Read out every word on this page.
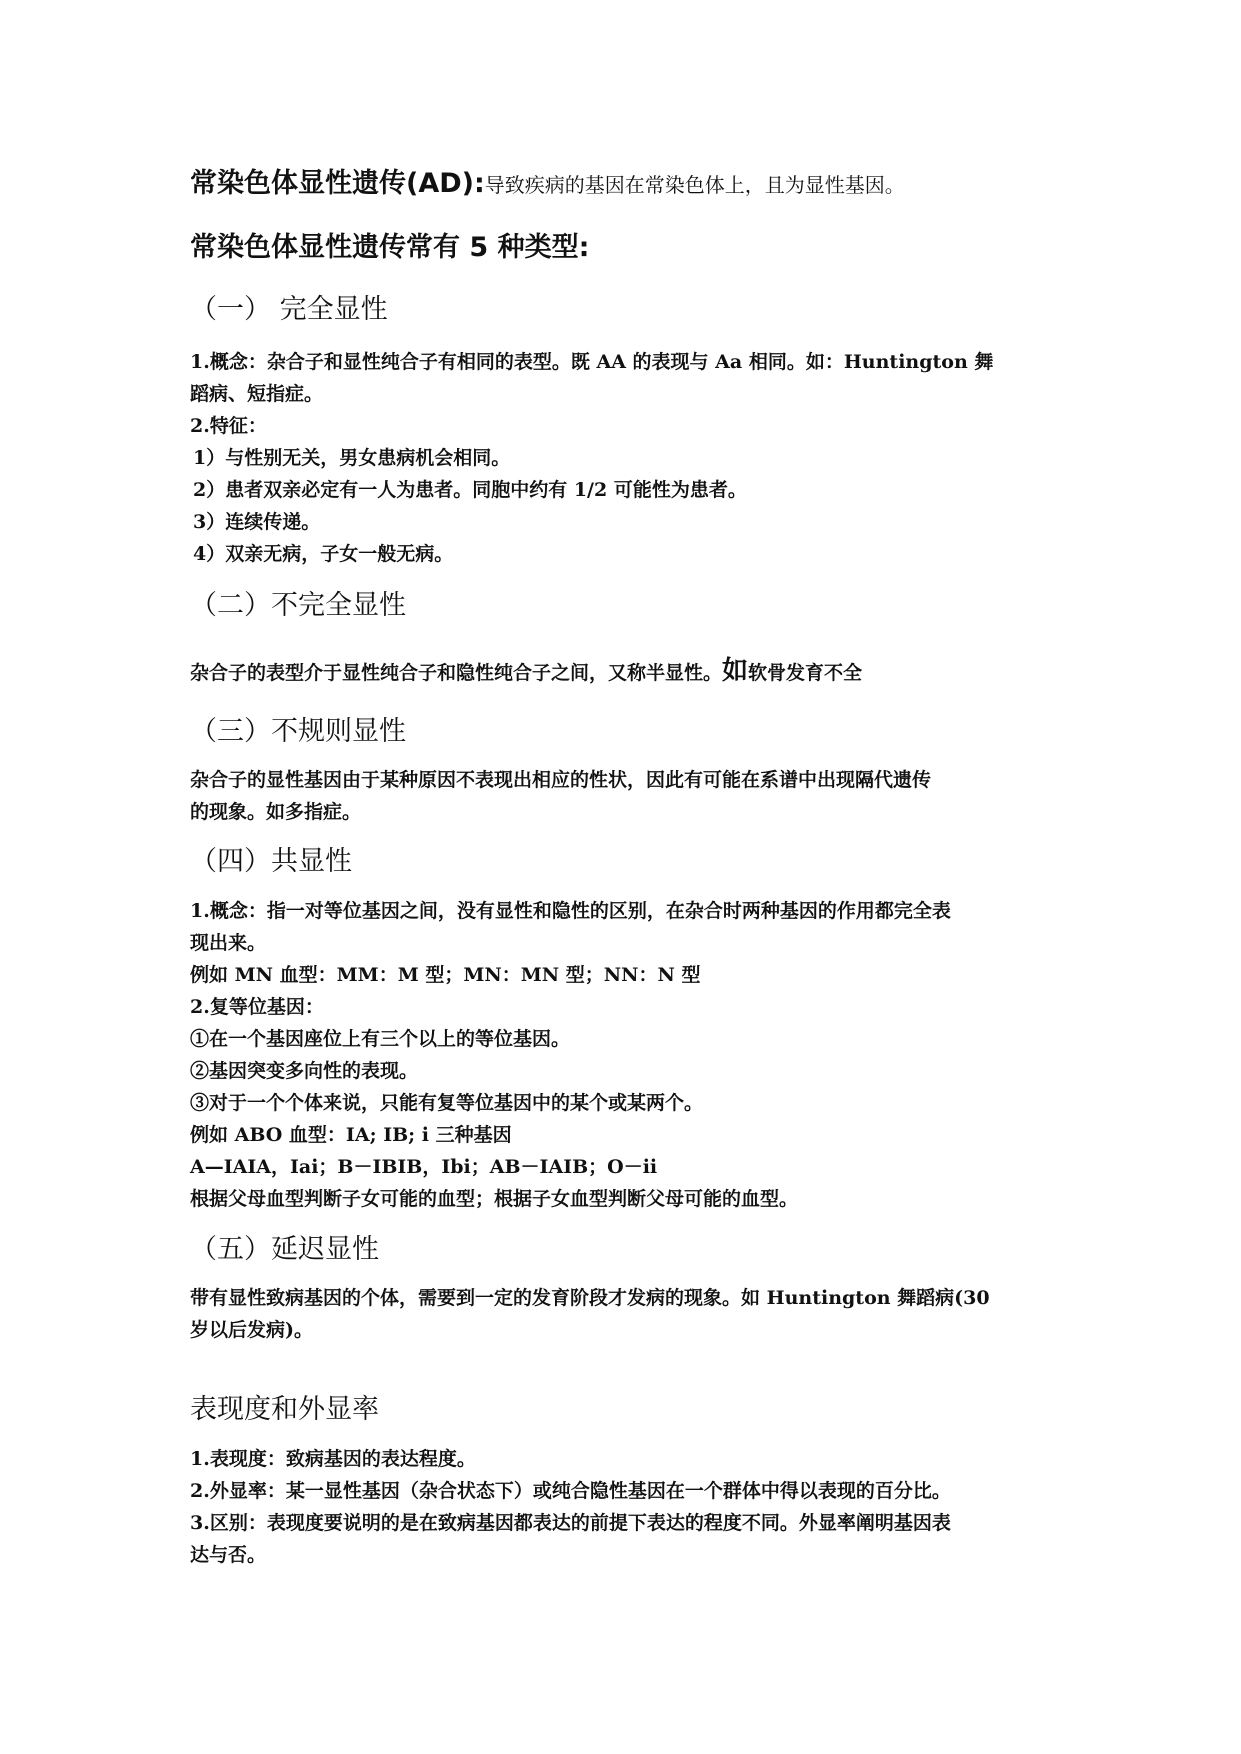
常染色体显性遗传(AD):导致疾病的基因在常染色体上，且为显性基因。
常染色体显性遗传常有 5 种类型:
（一） 完全显性
1.概念：杂合子和显性纯合子有相同的表型。既 AA 的表现与 Aa 相同。如：Huntington 舞
蹈病、短指症。
2.特征：
1）与性别无关，男女患病机会相同。
2）患者双亲必定有一人为患者。同胞中约有 1/2 可能性为患者。
3）连续传递。
4）双亲无病，子女一般无病。
（二）不完全显性
杂合子的表型介于显性纯合子和隐性纯合子之间，又称半显性。如软骨发育不全
（三）不规则显性
杂合子的显性基因由于某种原因不表现出相应的性状，因此有可能在系谱中出现隔代遗传
的现象。如多指症。
（四）共显性
1.概念：指一对等位基因之间，没有显性和隐性的区别，在杂合时两种基因的作用都完全表
现出来。
例如 MN 血型：MM：M 型；MN：MN 型；NN：N 型
2.复等位基因：
①在一个基因座位上有三个以上的等位基因。
②基因突变多向性的表现。
③对于一个个体来说，只能有复等位基因中的某个或某两个。
例如 ABO 血型：IA; IB; i 三种基因
A—IAIA，Iai；B－IBIB，Ibi；AB－IAIB；O－ii
根据父母血型判断子女可能的血型；根据子女血型判断父母可能的血型。
（五）延迟显性
带有显性致病基因的个体，需要到一定的发育阶段才发病的现象。如 Huntington 舞蹈病(30
岁以后发病)。
表现度和外显率
1.表现度：致病基因的表达程度。
2.外显率：某一显性基因（杂合状态下）或纯合隐性基因在一个群体中得以表现的百分比。
3.区别：表现度要说明的是在致病基因都表达的前提下表达的程度不同。外显率阐明基因表
达与否。
